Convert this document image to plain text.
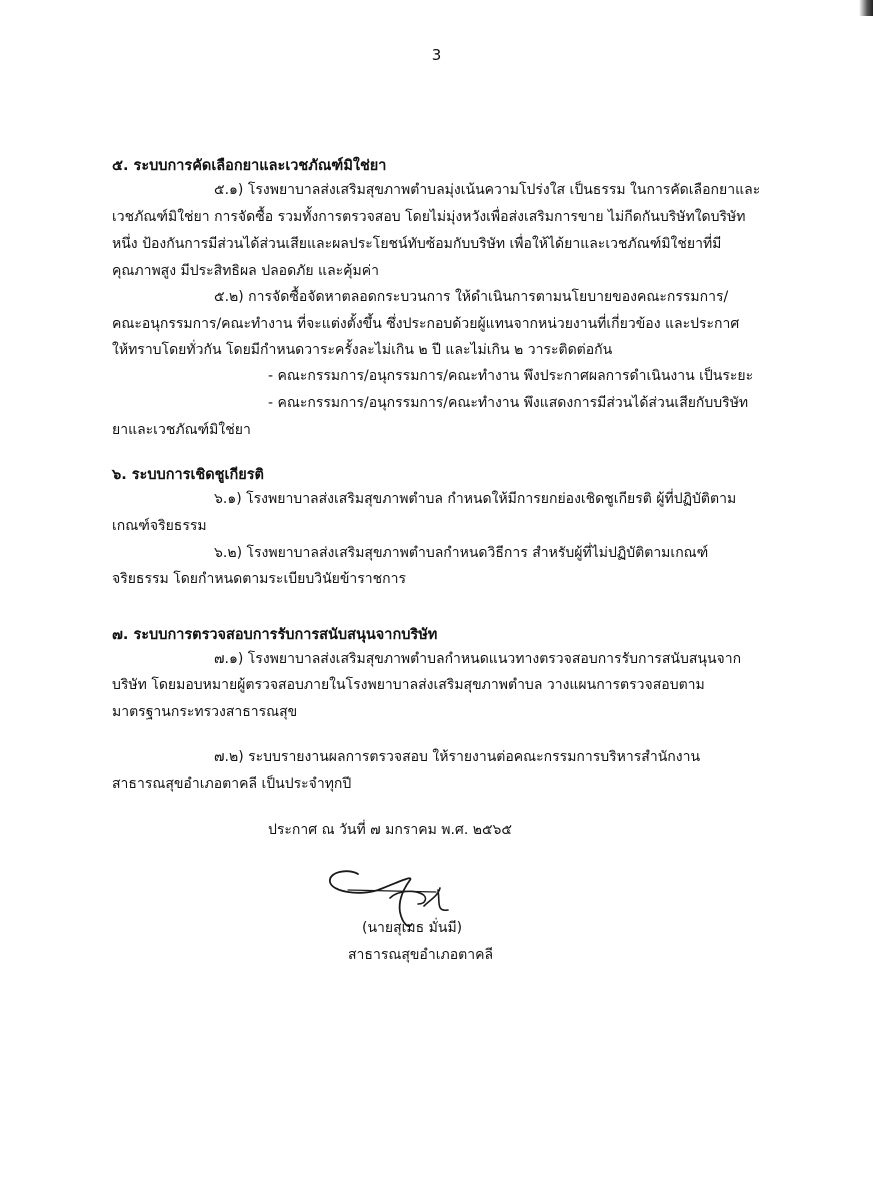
3
๕. ระบบการคัดเลือกยาและเวชภัณฑ์มิใช่ยา
๕.๑) โรงพยาบาลส่งเสริมสุขภาพตำบลมุ่งเน้นความโปร่งใส เป็นธรรม ในการคัดเลือกยาและ
เวชภัณฑ์มิใช่ยา การจัดซื้อ รวมทั้งการตรวจสอบ โดยไม่มุ่งหวังเพื่อส่งเสริมการขาย ไม่กีดกันบริษัทใดบริษัท
หนึ่ง ป้องกันการมีส่วนได้ส่วนเสียและผลประโยชน์ทับซ้อมกับบริษัท เพื่อให้ได้ยาและเวชภัณฑ์มิใช่ยาที่มี
คุณภาพสูง มีประสิทธิผล ปลอดภัย และคุ้มค่า
๕.๒) การจัดซื้อจัดหาตลอดกระบวนการ ให้ดำเนินการตามนโยบายของคณะกรรมการ/
คณะอนุกรรมการ/คณะทำงาน ที่จะแต่งตั้งขึ้น ซึ่งประกอบด้วยผู้แทนจากหน่วยงานที่เกี่ยวข้อง และประกาศ
ให้ทราบโดยทั่วกัน โดยมีกำหนดวาระครั้งละไม่เกิน ๒ ปี และไม่เกิน ๒ วาระติดต่อกัน
- คณะกรรมการ/อนุกรรมการ/คณะทำงาน พึงประกาศผลการดำเนินงาน เป็นระยะ
- คณะกรรมการ/อนุกรรมการ/คณะทำงาน พึงแสดงการมีส่วนได้ส่วนเสียกับบริษัท
ยาและเวชภัณฑ์มิใช่ยา
๖. ระบบการเชิดชูเกียรติ
๖.๑) โรงพยาบาลส่งเสริมสุขภาพตำบล กำหนดให้มีการยกย่องเชิดชูเกียรติ ผู้ที่ปฏิบัติตาม
เกณฑ์จริยธรรม
๖.๒) โรงพยาบาลส่งเสริมสุขภาพตำบลกำหนดวิธีการ สำหรับผู้ที่ไม่ปฏิบัติตามเกณฑ์
จริยธรรม โดยกำหนดตามระเบียบวินัยข้าราชการ
๗. ระบบการตรวจสอบการรับการสนับสนุนจากบริษัท
๗.๑) โรงพยาบาลส่งเสริมสุขภาพตำบลกำหนดแนวทางตรวจสอบการรับการสนับสนุนจาก
บริษัท โดยมอบหมายผู้ตรวจสอบภายในโรงพยาบาลส่งเสริมสุขภาพตำบล วางแผนการตรวจสอบตาม
มาตรฐานกระทรวงสาธารณสุข
๗.๒) ระบบรายงานผลการตรวจสอบ ให้รายงานต่อคณะกรรมการบริหารสำนักงาน
สาธารณสุขอำเภอตาคลี เป็นประจำทุกปี
ประกาศ ณ วันที่ ๗ มกราคม พ.ศ. ๒๕๖๕
(นายสุเมธ มั่นมี)
สาธารณสุขอำเภอตาคลี
